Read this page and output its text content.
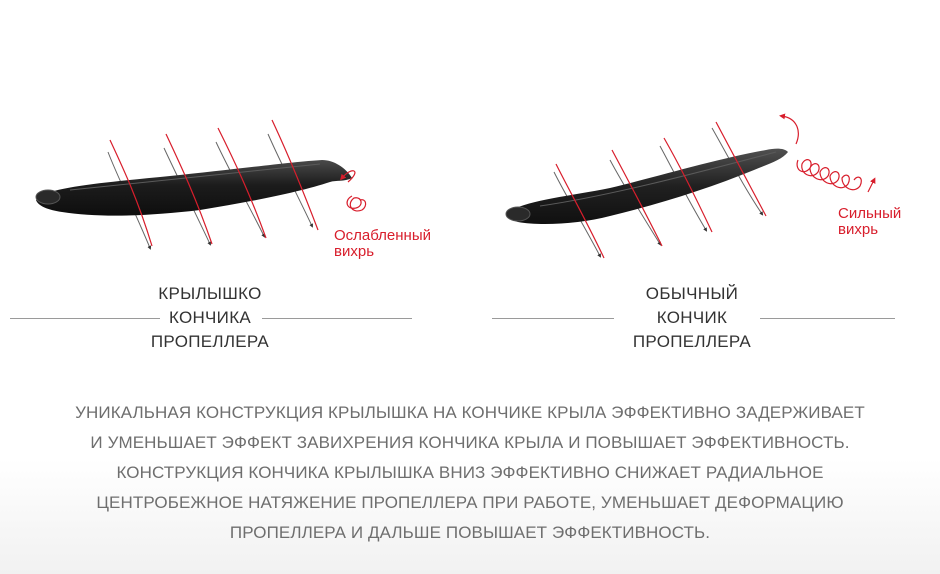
Ослабленный
вихрь
КРЫЛЫШКО
КОНЧИКА
ПРОПЕЛЛЕРА
Сильный
вихрь
ОБЫЧНЫЙ
КОНЧИК
ПРОПЕЛЛЕРА
УНИКАЛЬНАЯ КОНСТРУКЦИЯ КРЫЛЫШКА НА КОНЧИКЕ КРЫЛА ЭФФЕКТИВНО ЗАДЕРЖИВАЕТ
И УМЕНЬШАЕТ ЭФФЕКТ ЗАВИХРЕНИЯ КОНЧИКА КРЫЛА И ПОВЫШАЕТ ЭФФЕКТИВНОСТЬ.
КОНСТРУКЦИЯ КОНЧИКА КРЫЛЫШКА ВНИЗ ЭФФЕКТИВНО СНИЖАЕТ РАДИАЛЬНОЕ
ЦЕНТРОБЕЖНОЕ НАТЯЖЕНИЕ ПРОПЕЛЛЕРА ПРИ РАБОТЕ, УМЕНЬШАЕТ ДЕФОРМАЦИЮ
ПРОПЕЛЛЕРА И ДАЛЬШЕ ПОВЫШАЕТ ЭФФЕКТИВНОСТЬ.
